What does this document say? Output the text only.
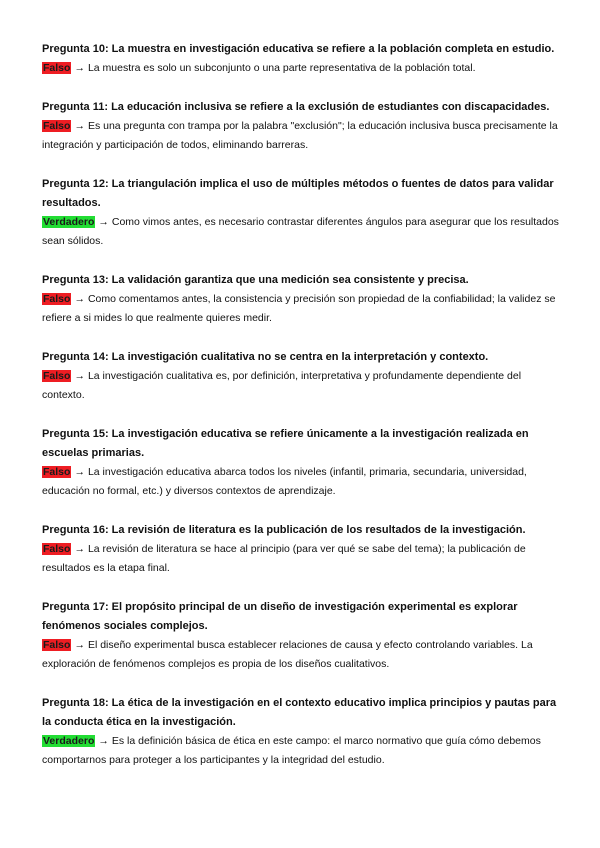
Pregunta 10: La muestra en investigación educativa se refiere a la población completa en estudio.

Falso → La muestra es solo un subconjunto o una parte representativa de la población total.

Pregunta 11: La educación inclusiva se refiere a la exclusión de estudiantes con discapacidades.

Falso → Es una pregunta con trampa por la palabra "exclusión"; la educación inclusiva busca precisamente la integración y participación de todos, eliminando barreras.

Pregunta 12: La triangulación implica el uso de múltiples métodos o fuentes de datos para validar resultados.

Verdadero → Como vimos antes, es necesario contrastar diferentes ángulos para asegurar que los resultados sean sólidos.

Pregunta 13: La validación garantiza que una medición sea consistente y precisa.

Falso → Como comentamos antes, la consistencia y precisión son propiedad de la confiabilidad; la validez se refiere a si mides lo que realmente quieres medir.

Pregunta 14: La investigación cualitativa no se centra en la interpretación y contexto.

Falso → La investigación cualitativa es, por definición, interpretativa y profundamente dependiente del contexto.

Pregunta 15: La investigación educativa se refiere únicamente a la investigación realizada en escuelas primarias.

Falso → La investigación educativa abarca todos los niveles (infantil, primaria, secundaria, universidad, educación no formal, etc.) y diversos contextos de aprendizaje.

Pregunta 16: La revisión de literatura es la publicación de los resultados de la investigación.

Falso → La revisión de literatura se hace al principio (para ver qué se sabe del tema); la publicación de resultados es la etapa final.

Pregunta 17: El propósito principal de un diseño de investigación experimental es explorar fenómenos sociales complejos.

Falso → El diseño experimental busca establecer relaciones de causa y efecto controlando variables. La exploración de fenómenos complejos es propia de los diseños cualitativos.

Pregunta 18: La ética de la investigación en el contexto educativo implica principios y pautas para la conducta ética en la investigación.

Verdadero → Es la definición básica de ética en este campo: el marco normativo que guía cómo debemos comportarnos para proteger a los participantes y la integridad del estudio.
